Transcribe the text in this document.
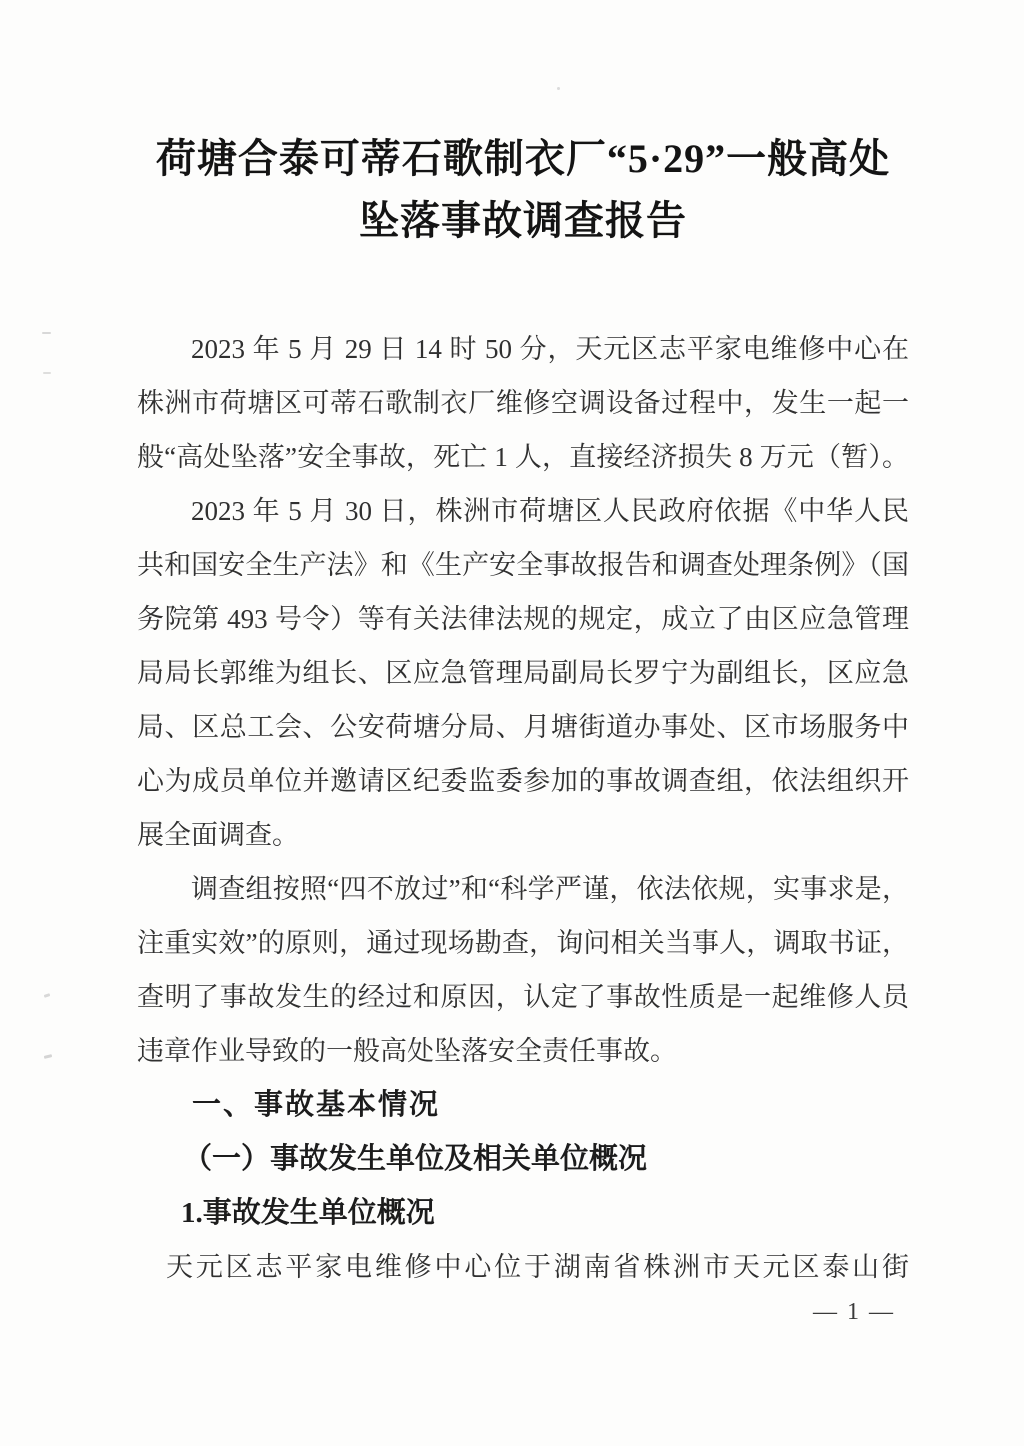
荷塘合泰可蒂石歌制衣厂“5·29”一般高处
坠落事故调查报告

2023 年 5 月 29 日 14 时 50 分，天元区志平家电维修中心在

株洲市荷塘区可蒂石歌制衣厂维修空调设备过程中，发生一起一

般“高处坠落”安全事故，死亡 1 人，直接经济损失 8 万元（暂）。

2023 年 5 月 30 日，株洲市荷塘区人民政府依据《中华人民

共和国安全生产法》和《生产安全事故报告和调查处理条例》（国

务院第 493 号令）等有关法律法规的规定，成立了由区应急管理

局局长郭维为组长、区应急管理局副局长罗宁为副组长，区应急

局、区总工会、公安荷塘分局、月塘街道办事处、区市场服务中

心为成员单位并邀请区纪委监委参加的事故调查组，依法组织开

展全面调查。

调查组按照“四不放过”和“科学严谨，依法依规，实事求是，

注重实效”的原则，通过现场勘查，询问相关当事人，调取书证，

查明了事故发生的经过和原因，认定了事故性质是一起维修人员

违章作业导致的一般高处坠落安全责任事故。

一、事故基本情况

（一）事故发生单位及相关单位概况

1.事故发生单位概况

天元区志平家电维修中心位于湖南省株洲市天元区泰山街

— 1 —
